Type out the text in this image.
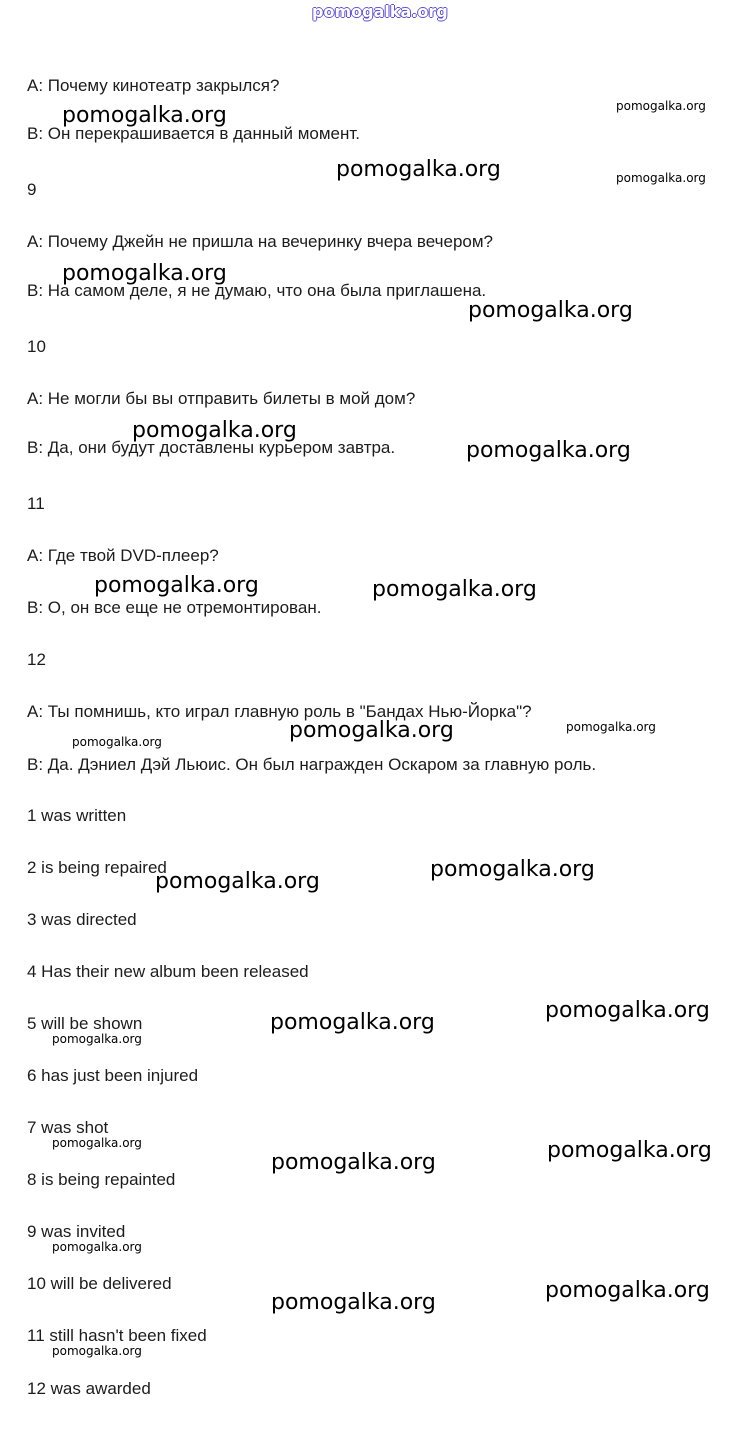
pomogalka.org
А: Почему кинотеатр закрылся?
В: Он перекрашивается в данный момент.
9
А: Почему Джейн не пришла на вечеринку вчера вечером?
В: На самом деле, я не думаю, что она была приглашена.
10
А: Не могли бы вы отправить билеты в мой дом?
В: Да, они будут доставлены курьером завтра.
11
А: Где твой DVD-плеер?
В: О, он все еще не отремонтирован.
12
А: Ты помнишь, кто играл главную роль в "Бандах Нью-Йорка"?
В: Да. Дэниел Дэй Льюис. Он был награжден Оскаром за главную роль.
1 was written
2 is being repaired
3 was directed
4 Has their new album been released
5 will be shown
6 has just been injured
7 was shot
8 is being repainted
9 was invited
10 will be delivered
11 still hasn't been fixed
12 was awarded
pomogalka.org
pomogalka.org
pomogalka.org
pomogalka.org
pomogalka.org
pomogalka.org
pomogalka.org	pomogalka.org
pomogalka.org
pomogalka.org	pomogalka.org
pomogalka.org	pomogalka.org
pomogalka.org	pomogalka.org
pomogalka.org	pomogalka.org
pomogalka.org
pomogalka.org
pomogalka.org
pomogalka.org
pomogalka.org
pomogalka.org
pomogalka.org
pomogalka.org
